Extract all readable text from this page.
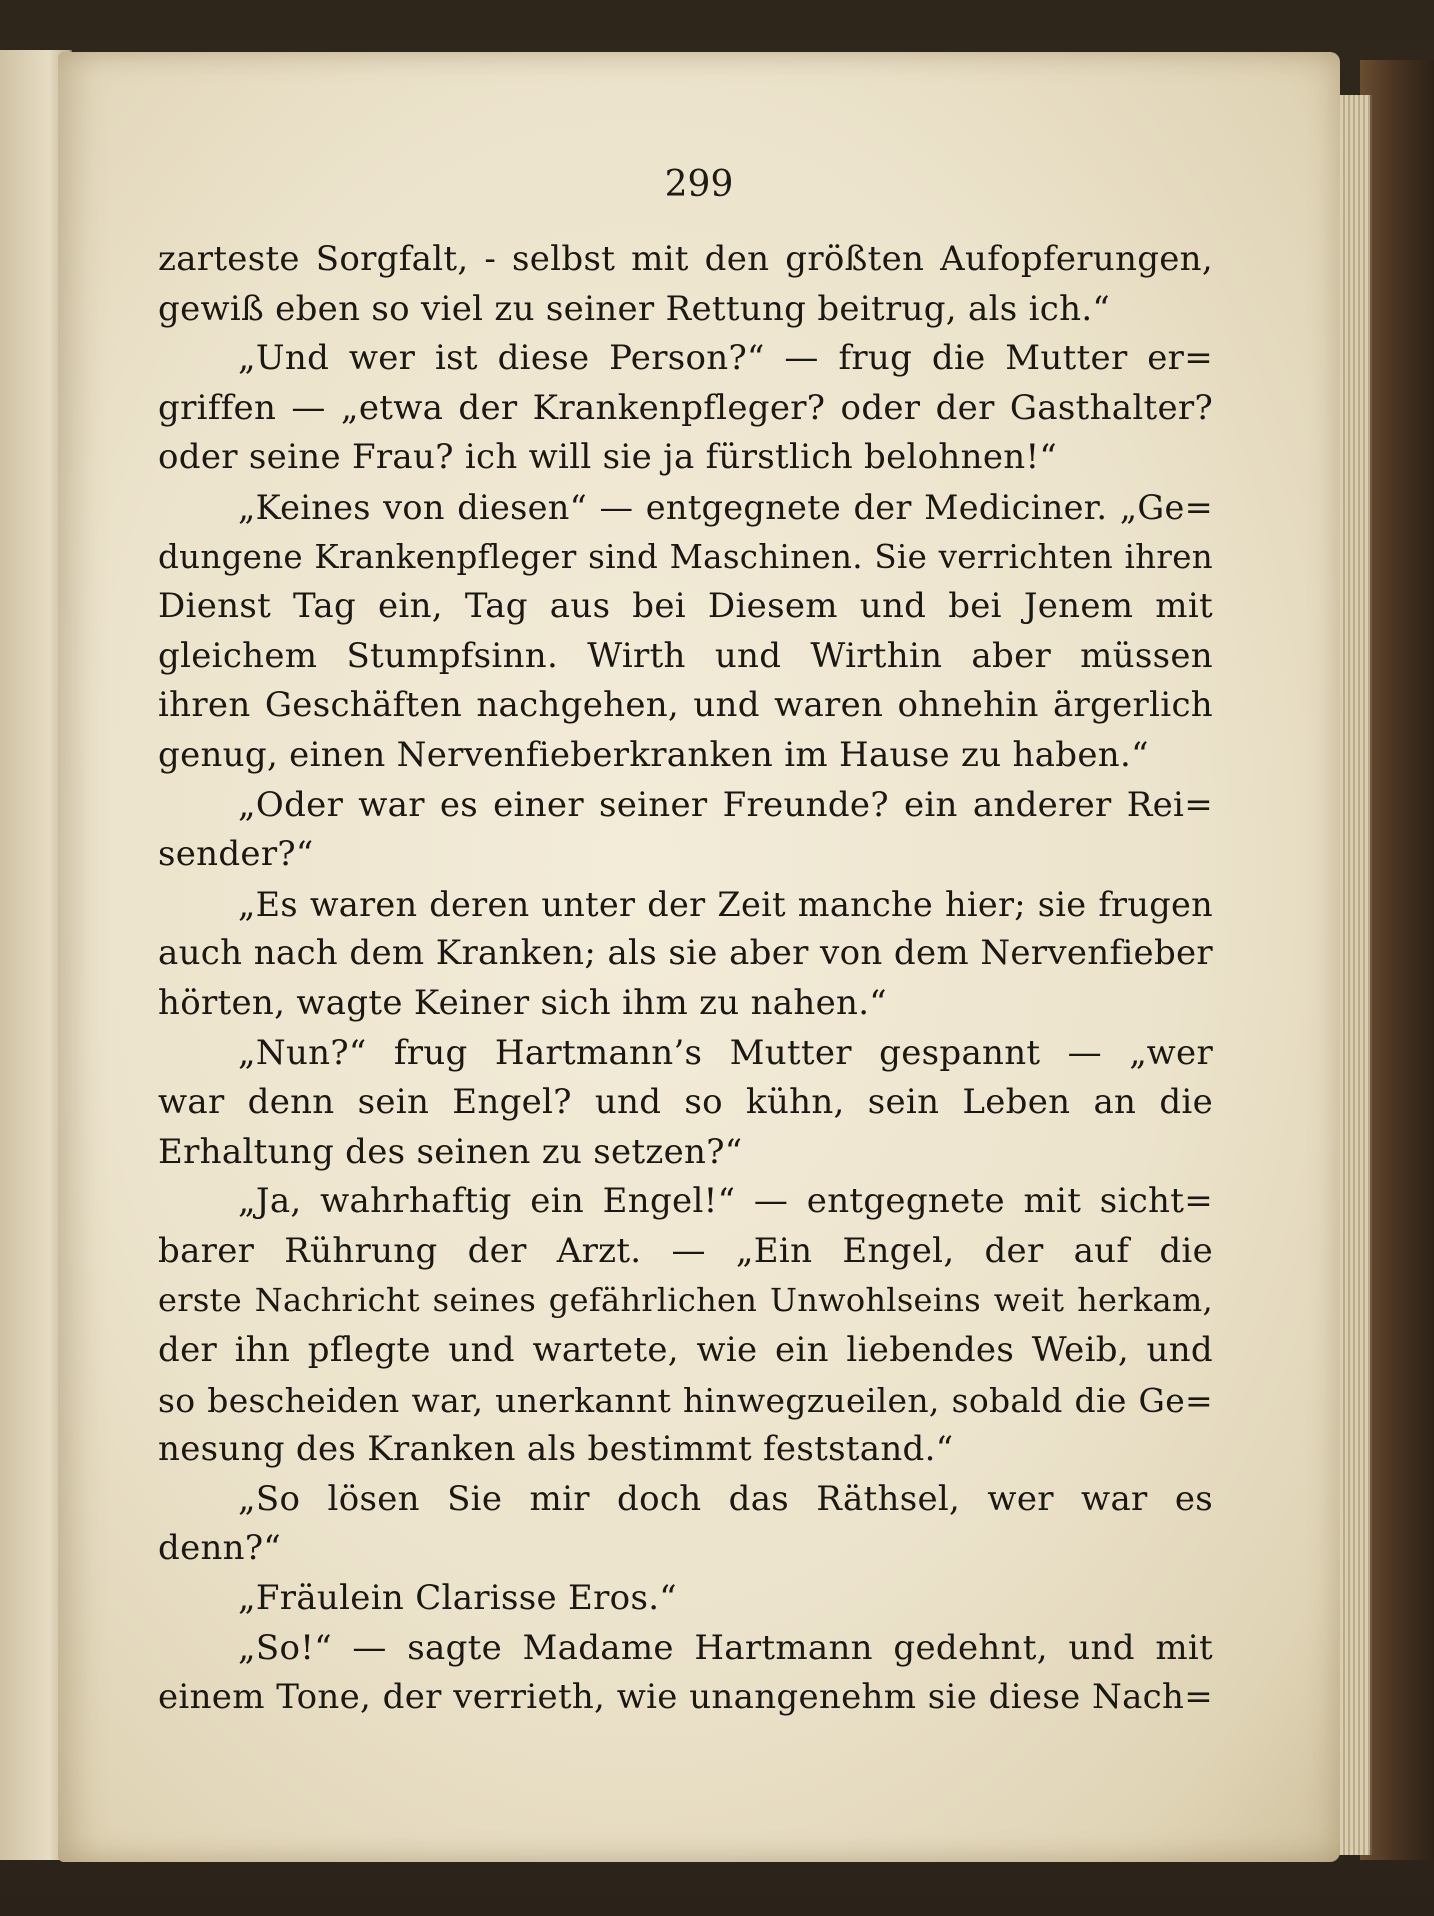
299
zarteste Sorgfalt, - selbst mit den größten Aufopferungen,
gewiß eben so viel zu seiner Rettung beitrug, als ich.“
„Und wer ist diese Person?“ — frug die Mutter er=
griffen — „etwa der Krankenpfleger? oder der Gasthalter?
oder seine Frau? ich will sie ja fürstlich belohnen!“
„Keines von diesen“ — entgegnete der Mediciner. „Ge=
dungene Krankenpfleger sind Maschinen. Sie verrichten ihren
Dienst Tag ein, Tag aus bei Diesem und bei Jenem mit
gleichem Stumpfsinn. Wirth und Wirthin aber müssen
ihren Geschäften nachgehen, und waren ohnehin ärgerlich
genug, einen Nervenfieberkranken im Hause zu haben.“
„Oder war es einer seiner Freunde? ein anderer Rei=
sender?“
„Es waren deren unter der Zeit manche hier; sie frugen
auch nach dem Kranken; als sie aber von dem Nervenfieber
hörten, wagte Keiner sich ihm zu nahen.“
„Nun?“ frug Hartmann’s Mutter gespannt — „wer
war denn sein Engel? und so kühn, sein Leben an die
Erhaltung des seinen zu setzen?“
„Ja, wahrhaftig ein Engel!“ — entgegnete mit sicht=
barer Rührung der Arzt. — „Ein Engel, der auf die
erste Nachricht seines gefährlichen Unwohlseins weit herkam,
der ihn pflegte und wartete, wie ein liebendes Weib, und
so bescheiden war, unerkannt hinwegzueilen, sobald die Ge=
nesung des Kranken als bestimmt feststand.“
„So lösen Sie mir doch das Räthsel, wer war es
denn?“
„Fräulein Clarisse Eros.“
„So!“ — sagte Madame Hartmann gedehnt, und mit
einem Tone, der verrieth, wie unangenehm sie diese Nach=
